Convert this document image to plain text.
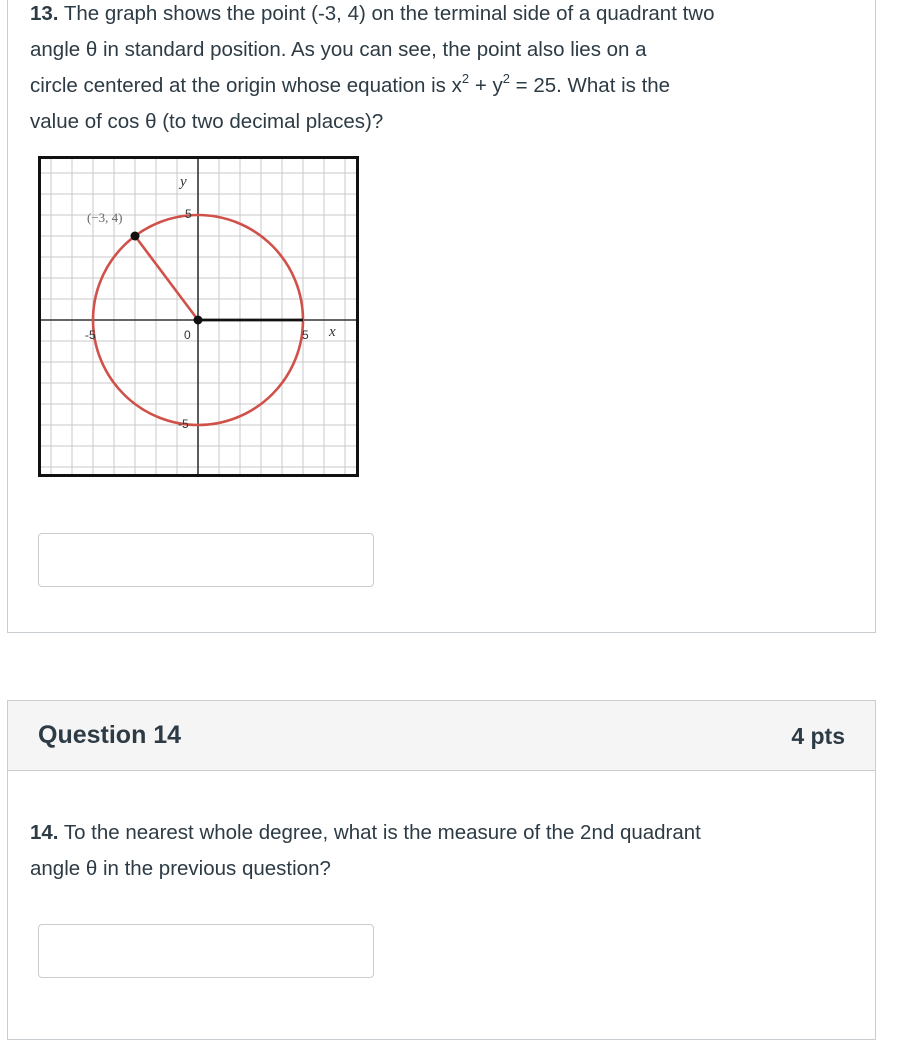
13. The graph shows the point (-3, 4) on the terminal side of a quadrant two
angle θ in standard position. As you can see, the point also lies on a
circle centered at the origin whose equation is $x^2 + y^2 = 25$. What is the
value of cos θ (to two decimal places)?
(−3, 4)
y
x
5
-5
-5	5
0
Question 14	4 pts
14. To the nearest whole degree, what is the measure of the 2nd quadrant
angle θ in the previous question?
